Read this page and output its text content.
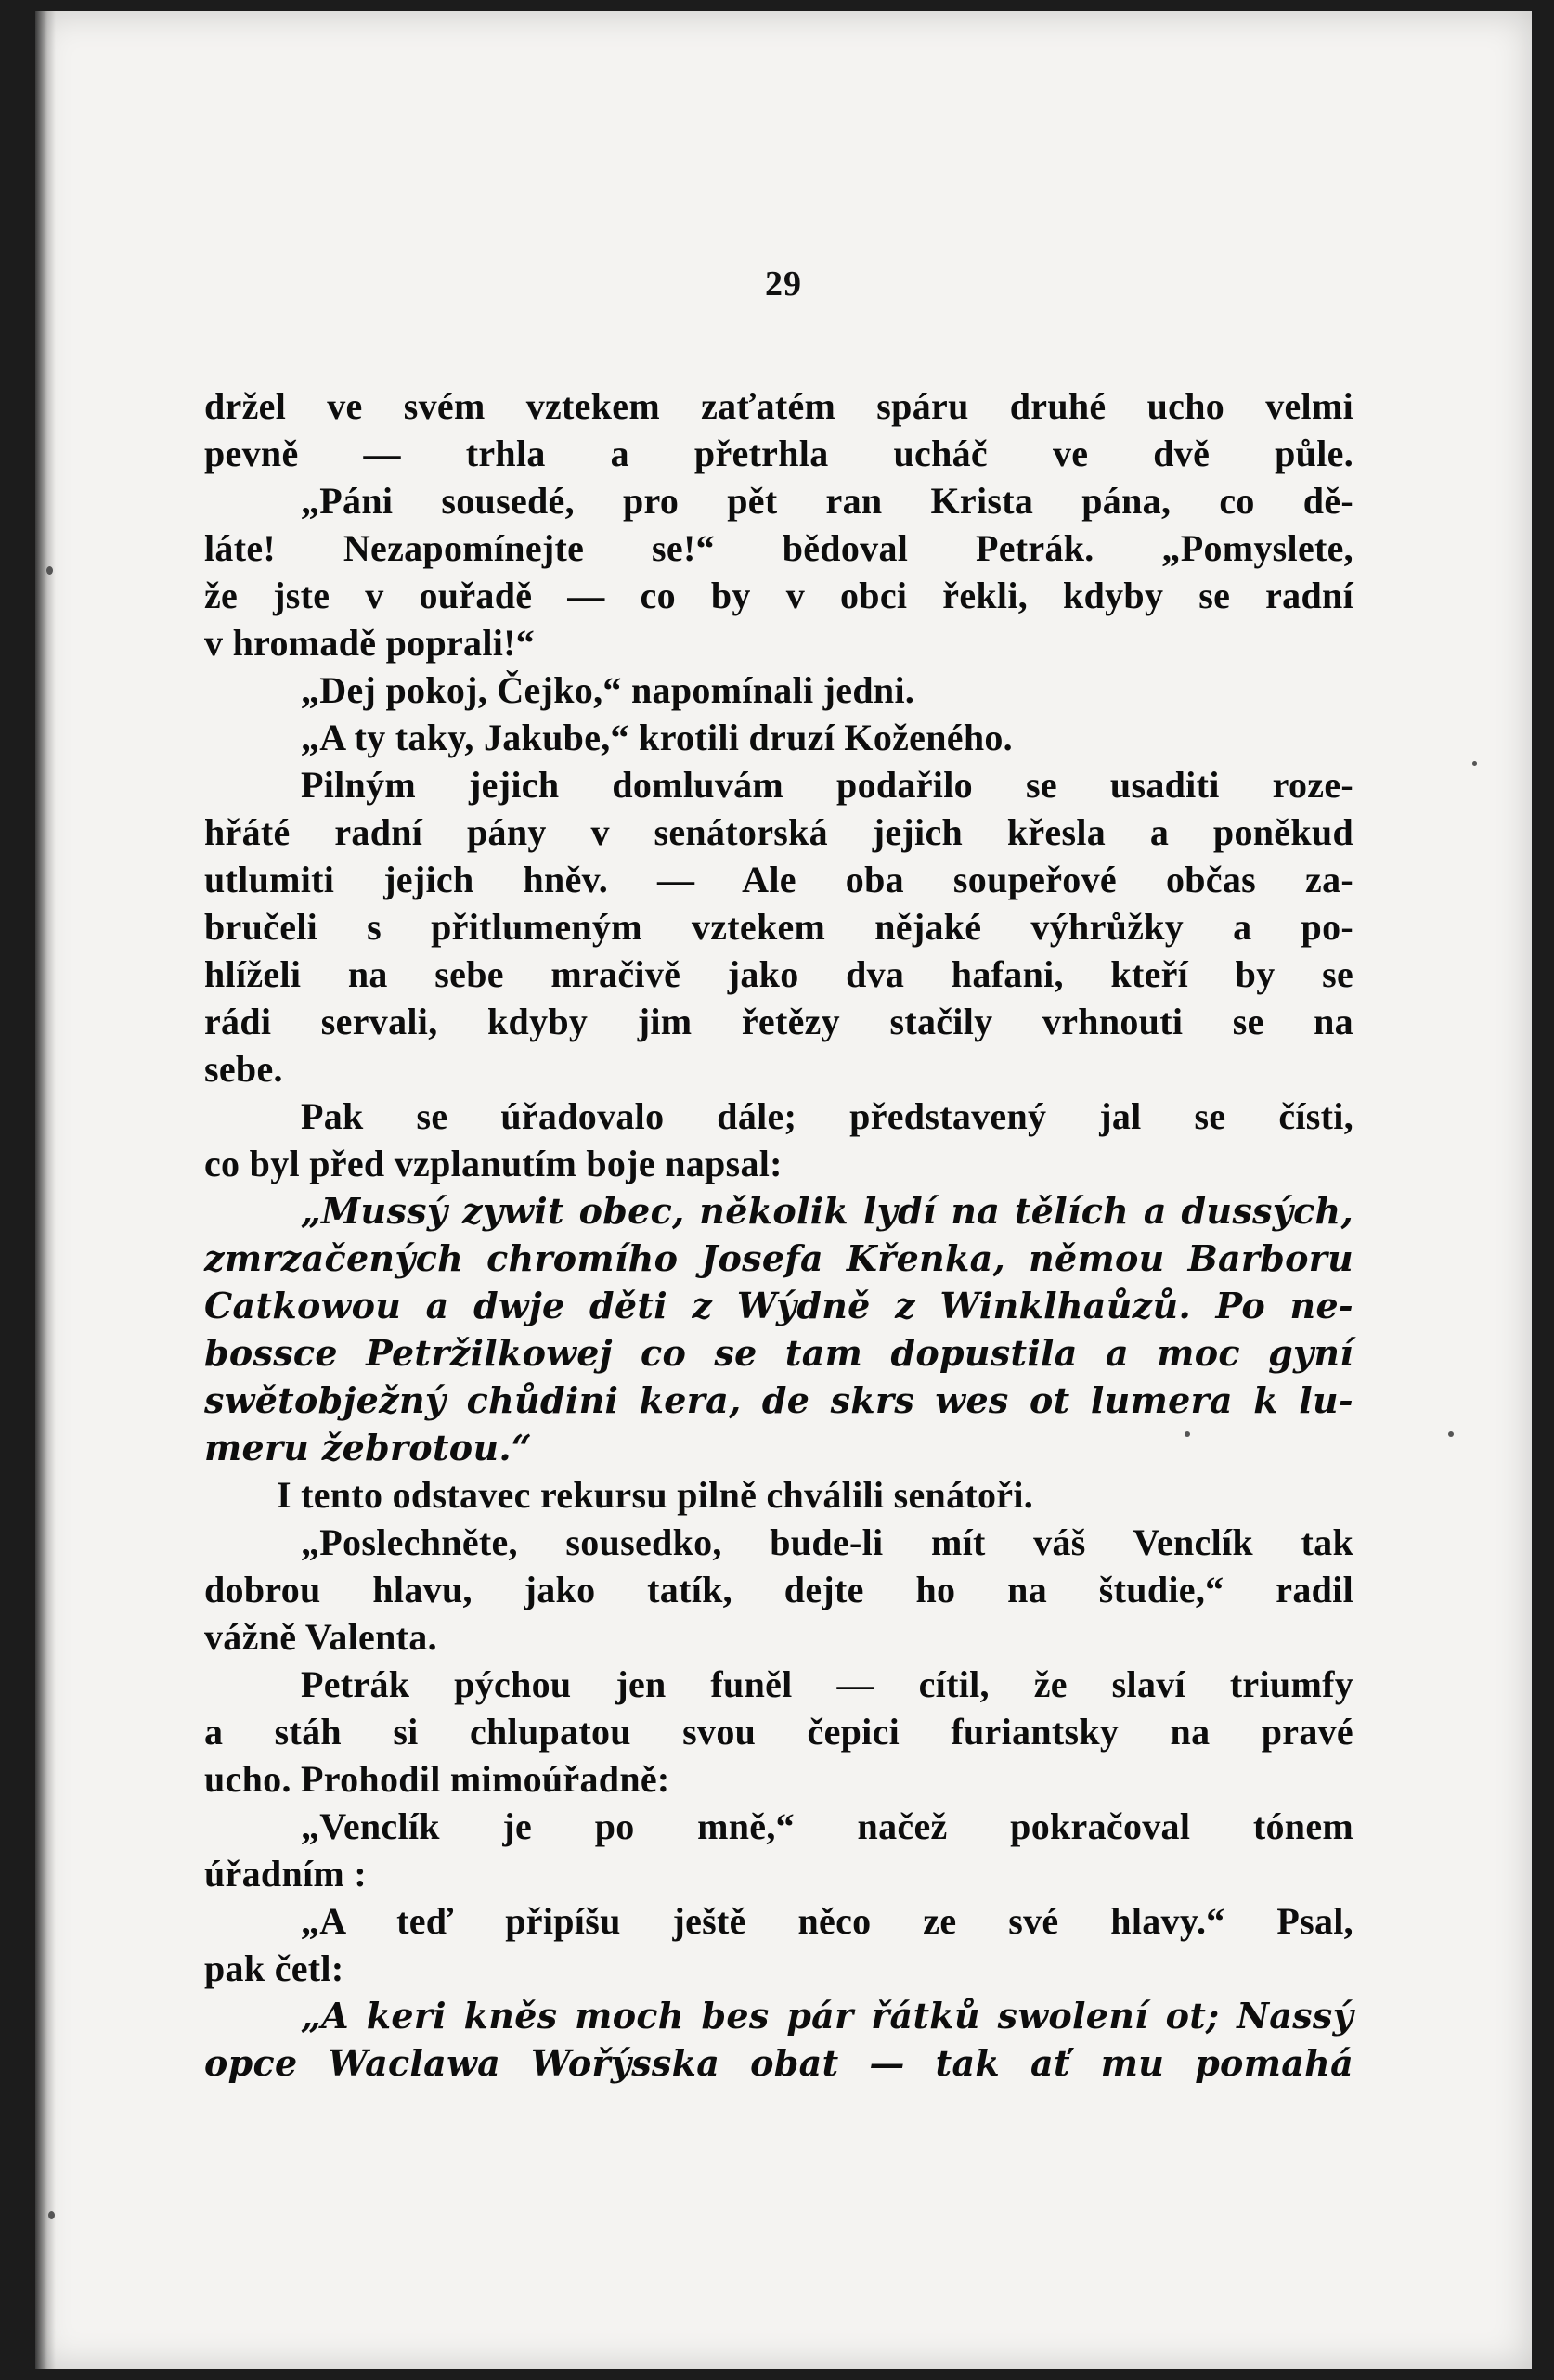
29
držel ve svém vztekem zaťatém spáru druhé ucho velmi
pevně — trhla a přetrhla ucháč ve dvě půle.
„Páni sousedé, pro pět ran Krista pána, co dě-
láte! Nezapomínejte se!“ bědoval Petrák. „Pomyslete,
že jste v ouřadě — co by v obci řekli, kdyby se radní
v hromadě poprali!“
„Dej pokoj, Čejko,“ napomínali jedni.
„A ty taky, Jakube,“ krotili druzí Koženého.
Pilným jejich domluvám podařilo se usaditi roze-
hřáté radní pány v senátorská jejich křesla a poněkud
utlumiti jejich hněv. — Ale oba soupeřové občas za-
bručeli s přitlumeným vztekem nějaké výhrůžky a po-
hlíželi na sebe mračivě jako dva hafani, kteří by se
rádi servali, kdyby jim řetězy stačily vrhnouti se na
sebe.
Pak se úřadovalo dále; představený jal se čísti,
co byl před vzplanutím boje napsal:
„Mussý zywit obec, několik lydí na tělích a dussých,
zmrzačených chromího Josefa Křenka, němou Barboru
Catkowou a dwje děti z Wýdně z Winklhaůzů. Po ne-
bossce Petržilkowej co se tam dopustila a moc gyní
swětobježný chůdini kera, de skrs wes ot lumera k lu-
meru žebrotou.“
I tento odstavec rekursu pilně chválili senátoři.
„Poslechněte, sousedko, bude-li mít váš Venclík tak
dobrou hlavu, jako tatík, dejte ho na študie,“ radil
vážně Valenta.
Petrák pýchou jen funěl — cítil, že slaví triumfy
a stáh si chlupatou svou čepici furiantsky na pravé
ucho. Prohodil mimoúřadně:
„Venclík je po mně,“ načež pokračoval tónem
úřadním :
„A teď připíšu ještě něco ze své hlavy.“ Psal,
pak četl:
„A keri kněs moch bes pár řátků swolení ot; Nassý
opce Waclawa Wořýsska obat — tak ať mu pomahá
